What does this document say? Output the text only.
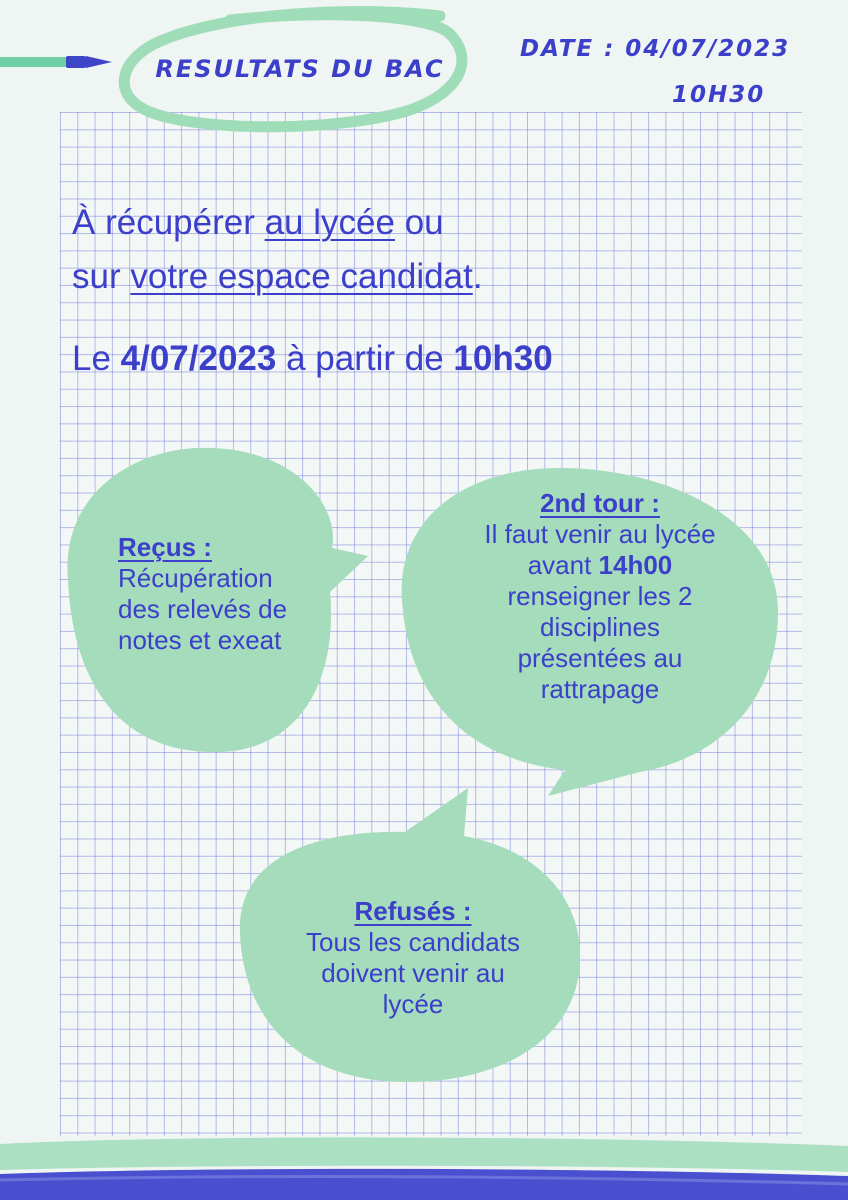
RESULTATS DU BAC
DATE : 04/07/2023
10H30
À récupérer au lycée ou
sur votre espace candidat.
Le 4/07/2023 à partir de 10h30
Reçus :
Récupération
des relevés de
notes et exeat
2nd tour :
Il faut venir au lycée
avant 14h00
renseigner les 2
disciplines
présentées au
rattrapage
Refusés :
Tous les candidats
doivent venir au
lycée
